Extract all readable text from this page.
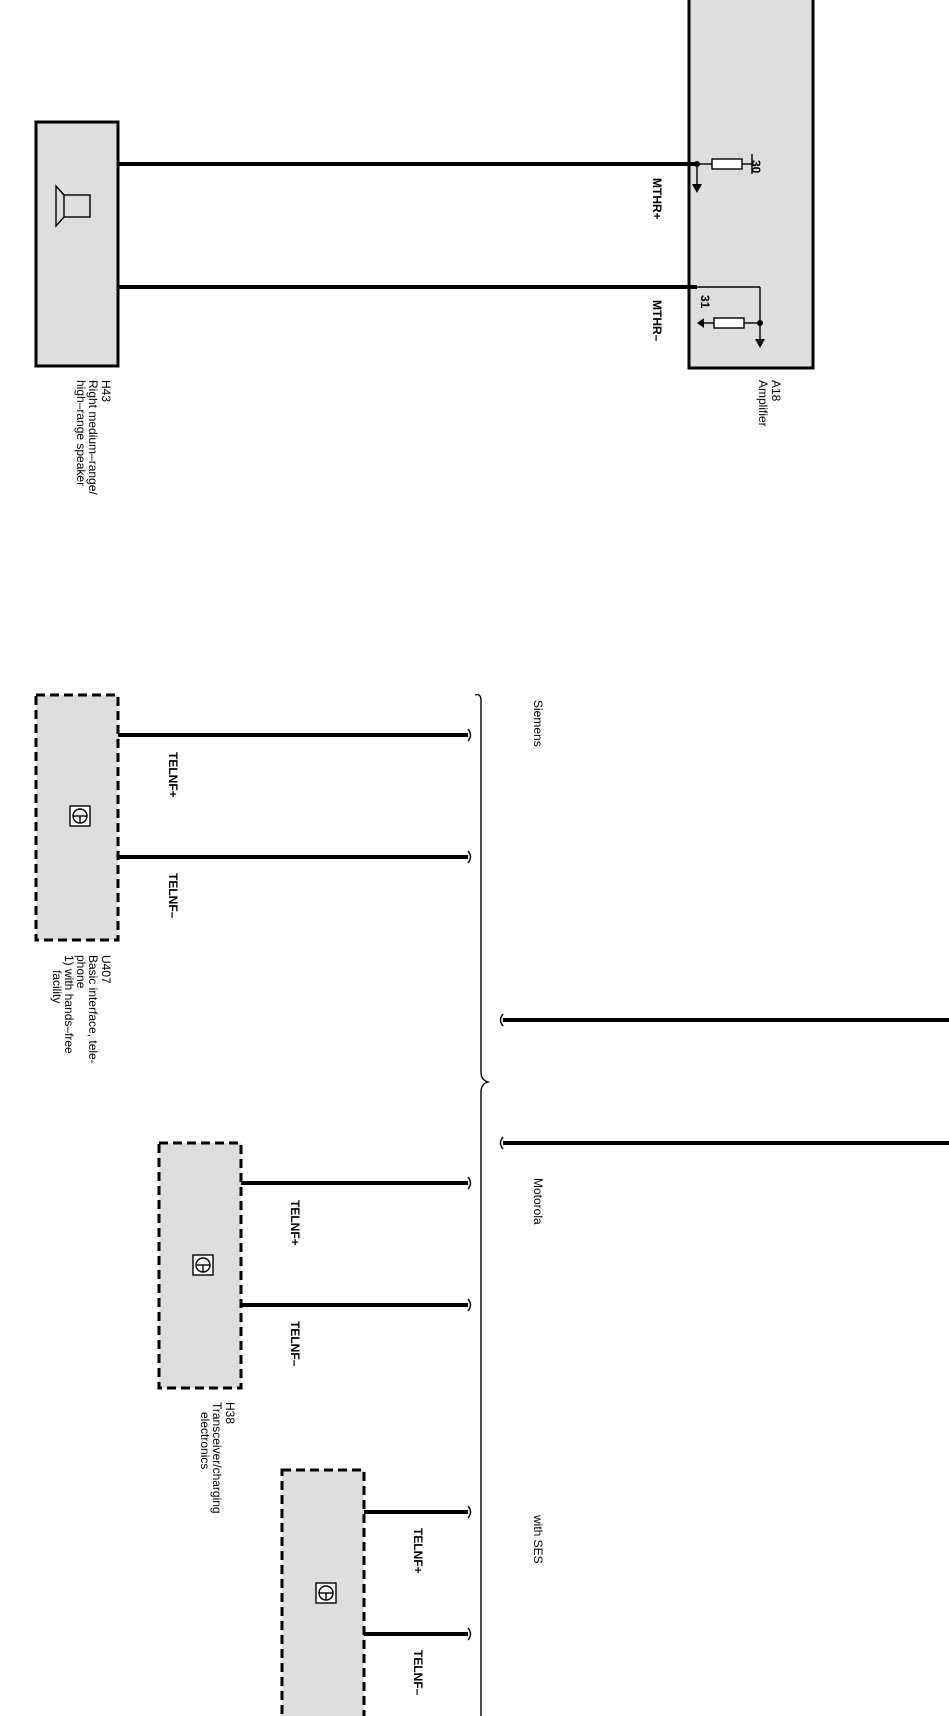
30
31
A18
Amplifier
MTHR+
MTHR–
H43
Right medium–range/
high–range speaker
Siemens
Motorola
with SES
U407
Basic interface, tele-
phone
1) with hands–free
facility
TELNF+
TELNF–
H38
Transceiver/charging
electronics
TELNF+
TELNF–
TELNF+
TELNF–
